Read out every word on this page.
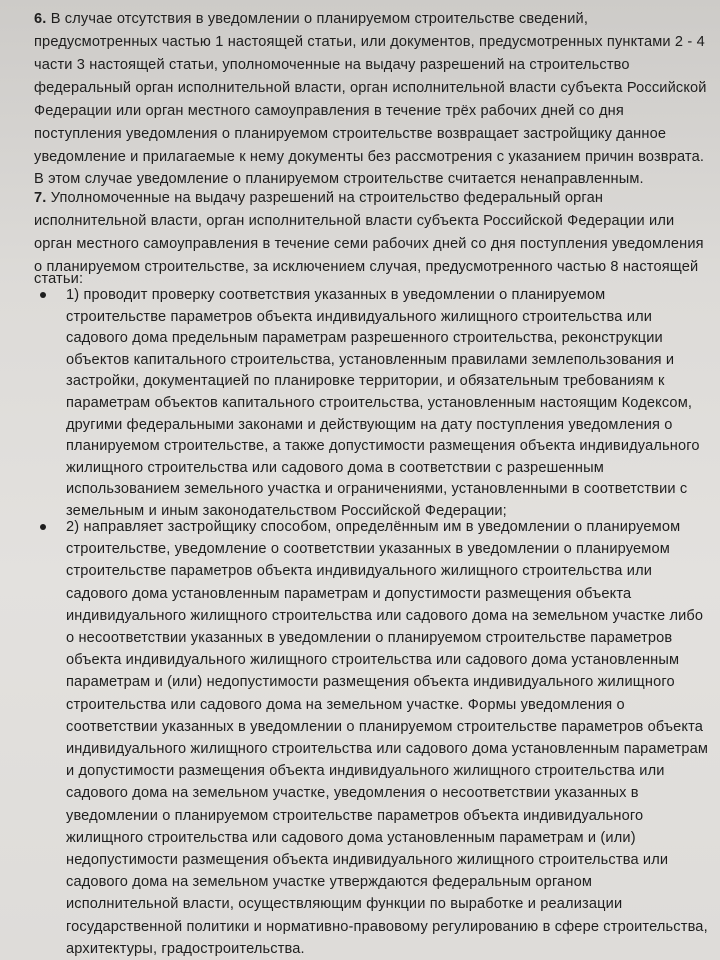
6. В случае отсутствия в уведомлении о планируемом строительстве сведений,
предусмотренных частью 1 настоящей статьи, или документов, предусмотренных пунктами 2 - 4
части 3 настоящей статьи, уполномоченные на выдачу разрешений на строительство
федеральный орган исполнительной власти, орган исполнительной власти субъекта Российской
Федерации или орган местного самоуправления в течение трёх рабочих дней со дня
поступления уведомления о планируемом строительстве возвращает застройщику данное
уведомление и прилагаемые к нему документы без рассмотрения с указанием причин возврата.
В этом случае уведомление о планируемом строительстве считается ненаправленным.
7. Уполномоченные на выдачу разрешений на строительство федеральный орган
исполнительной власти, орган исполнительной власти субъекта Российской Федерации или
орган местного самоуправления в течение семи рабочих дней со дня поступления уведомления
о планируемом строительстве, за исключением случая, предусмотренного частью 8 настоящей
статьи:
1) проводит проверку соответствия указанных в уведомлении о планируемом
строительстве параметров объекта индивидуального жилищного строительства или
садового дома предельным параметрам разрешенного строительства, реконструкции
объектов капитального строительства, установленным правилами землепользования и
застройки, документацией по планировке территории, и обязательным требованиям к
параметрам объектов капитального строительства, установленным настоящим Кодексом,
другими федеральными законами и действующим на дату поступления уведомления о
планируемом строительстве, а также допустимости размещения объекта индивидуального
жилищного строительства или садового дома в соответствии с разрешенным
использованием земельного участка и ограничениями, установленными в соответствии с
земельным и иным законодательством Российской Федерации;
2) направляет застройщику способом, определённым им в уведомлении о планируемом
строительстве, уведомление о соответствии указанных в уведомлении о планируемом
строительстве параметров объекта индивидуального жилищного строительства или
садового дома установленным параметрам и допустимости размещения объекта
индивидуального жилищного строительства или садового дома на земельном участке либо
о несоответствии указанных в уведомлении о планируемом строительстве параметров
объекта индивидуального жилищного строительства или садового дома установленным
параметрам и (или) недопустимости размещения объекта индивидуального жилищного
строительства или садового дома на земельном участке. Формы уведомления о
соответствии указанных в уведомлении о планируемом строительстве параметров объекта
индивидуального жилищного строительства или садового дома установленным параметрам
и допустимости размещения объекта индивидуального жилищного строительства или
садового дома на земельном участке, уведомления о несоответствии указанных в
уведомлении о планируемом строительстве параметров объекта индивидуального
жилищного строительства или садового дома установленным параметрам и (или)
недопустимости размещения объекта индивидуального жилищного строительства или
садового дома на земельном участке утверждаются федеральным органом
исполнительной власти, осуществляющим функции по выработке и реализации
государственной политики и нормативно-правовому регулированию в сфере строительства,
архитектуры, градостроительства.
